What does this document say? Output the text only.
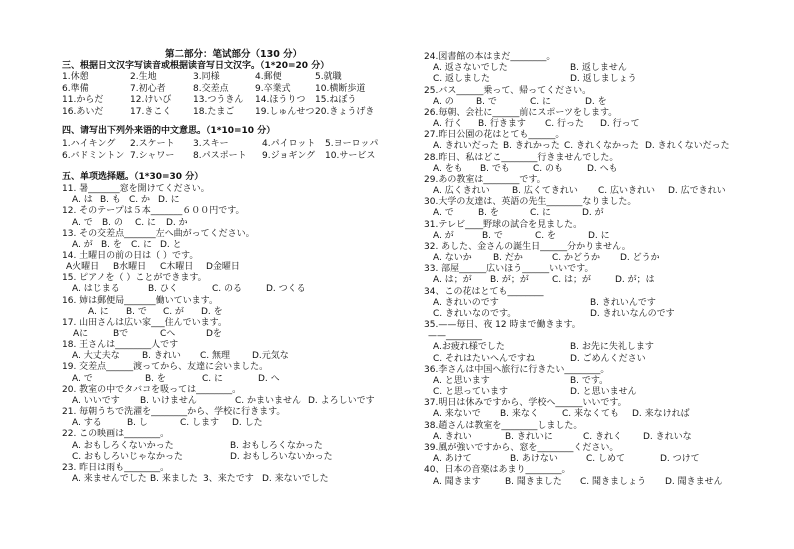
第二部分：笔试部分（130 分）
三、根据日文汉字写读音或根据读音写日文汉字。（1*20=20 分）
1.休憩	2.生地	3.同様	4.郵便	5.就職
6.準備	7.初心者	8.交差点	9.卒業式	10.横断歩道
11.からだ	12.けいび 13.つうきん 14.ほうりつ 15.ねぼう
16.あいだ	17.きこく 18.たまご 19.しゅんせつ 20.きょうげき
四、请写出下列外来语的中文意思。（1*10=10 分）
1.ハイキング 2.スケート 3.スキー	4.パイロット 5.ヨーロッパ
6.バドミントン 7.シャワー 8.パスポート 9.ジョギング 10.サービス
五、单项选择题。（1*30=30 分）
11. 暑_______窓を開けてください。
A. は B. も C. か D. に
12. そのテープは５本_______６００円です。
A. で B. の C. に D. か
13. その交差点_______左へ曲がってください。
A. が B. を C. に D. と
14. 土曜日の前の日は（ ）です。
A火曜日 B水曜日 C木曜日 D金曜日
15. ピアノを（ ）ことができます。
A. はじまる	B. ひく	C. のる	D. つくる
16. 姉は郵便局_______働いています。
A. に B. で C. が D. を
17. 山田さんは広い家___住んでいます。
Aに	Bで	Cへ	Dを
18. 王さんは________人です
A. 大丈夫な B. きれい C. 無理 D.元気な
19. 交差点______渡ってから、友達に会いました。
A. で	B. を	C. に	D. へ
20. 教室の中でタバコを吸っては________。
A. いいです B. いけません	C. かまいません D. よろしいです
21. 毎朝うちで洗濯を________から、学校に行きます。
A. する	B. し	C. します D. した
22. この映画は________。
A. おもしろくないかった	B. おもしろくなかった
C. おもしろいじゃなかった	D. おもしろいないかった
23. 昨日は雨も________。
A. 来ませんでした B. 来ました 3、来たです D. 来ないでした
24.図書館の本はまだ________。
A. 返さないでした	B. 返しません
C. 返しました	D. 返しましょう
25.バス______乗って、帰ってください。
A. の B. で	C. に	D. を
26.毎朝、会社に______前にスポーツをします。
A. 行く B. 行きます C. 行った D. 行って
27.昨日公園の花はとても______。
A. きれいだった B. きれかった C. きれくなかった D. きれくないだった
28.昨日、私はどこ________行きませんでした。
A. をも B. でも	C. のも	D. へも
29.あの教室は________です。
A. 広くきれい B. 広くてきれい C. 広いきれい D. 広できれい
30.大学の友達は、英語の先生________なりました。
A. で	B. を	C. に	D. が
31.テレビ____野球の試合を見ました。
A. が	B. で	C. を	D. に
32. あした、金さんの誕生日______分かりません。
A. ないか B. だか	C. かどうか D. どうか
33. 部屋______広いほう______いいです。
A. は；が B. が；が	C. は；が	D. が；は
34、この花はとても________
A. きれいのです	B. きれいんです
C. きれいなのです。	D. きれいなんのです
35.——毎日、夜 12 時まで働きます。
——________
A.お疲れ様でした	B. お先に失礼します
C. それはたいへんですね	D. ごめんください
36.李さんは中国へ旅行に行きたい________。
A. と思います	B. です。
C. と思っています	D. と思いません
37.明日は休みですから、学校へ______いいです。
A. 来ないで B. 来なく	C. 来なくても D. 来なければ
38.趙さんは教室を________しました。
A. きれい	B. きれいに	C. きれく D. きれいな
39.風が強いですから、窓を________ください。
A. あけて	B. あけない	C. しめて	D. つけて
40、日本の音楽はあまり________。
A. 聞きます	B. 聞きました C. 聞きましょう D. 聞きません
